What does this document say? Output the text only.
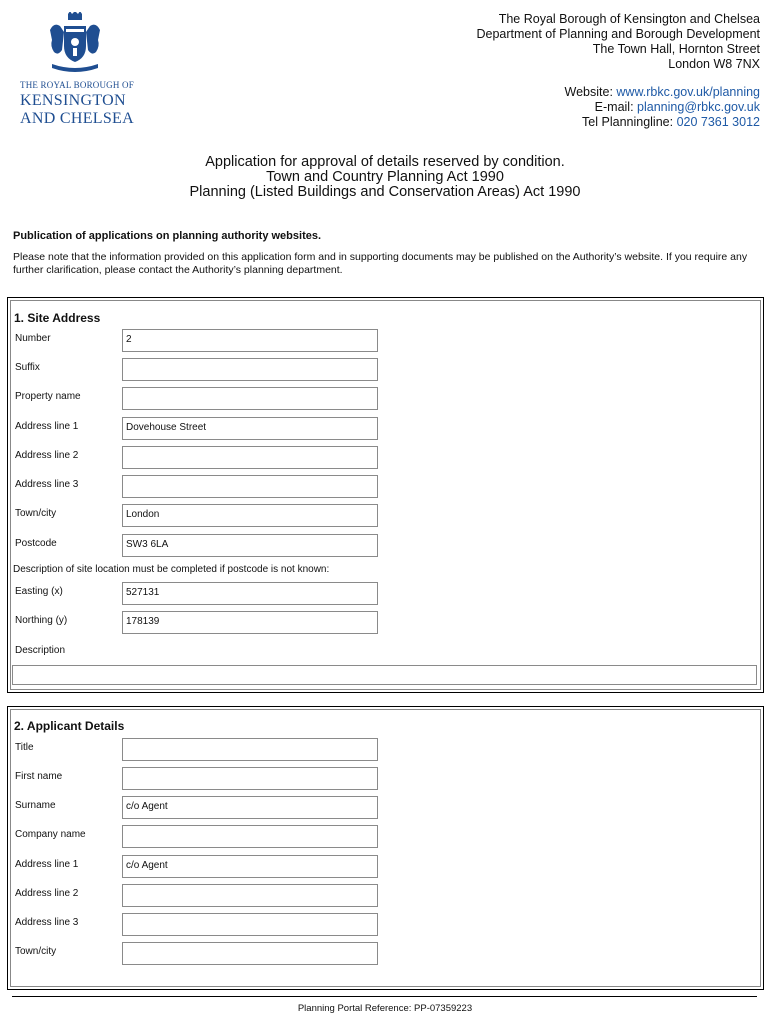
THE ROYAL BOROUGH OF
KENSINGTON
AND CHELSEA
The Royal Borough of Kensington and Chelsea
Department of Planning and Borough Development
The Town Hall, Hornton Street
London W8 7NX
Website: www.rbkc.gov.uk/planning
E-mail: planning@rbkc.gov.uk
Tel Planningline: 020 7361 3012
Application for approval of details reserved by condition.
Town and Country Planning Act 1990
Planning (Listed Buildings and Conservation Areas) Act 1990
Publication of applications on planning authority websites.
Please note that the information provided on this application form and in supporting documents may be published on the Authority’s website. If you require any further clarification, please contact the Authority’s planning department.
1. Site Address
Number	2
Suffix
Property name
Address line 1	Dovehouse Street
Address line 2
Address line 3
Town/city	London
Postcode	SW3 6LA
Description of site location must be completed if postcode is not known:
Easting (x)	527131
Northing (y)	178139
Description
2. Applicant Details
Title
First name
Surname	c/o Agent
Company name
Address line 1	c/o Agent
Address line 2
Address line 3
Town/city
Planning Portal Reference: PP-07359223
